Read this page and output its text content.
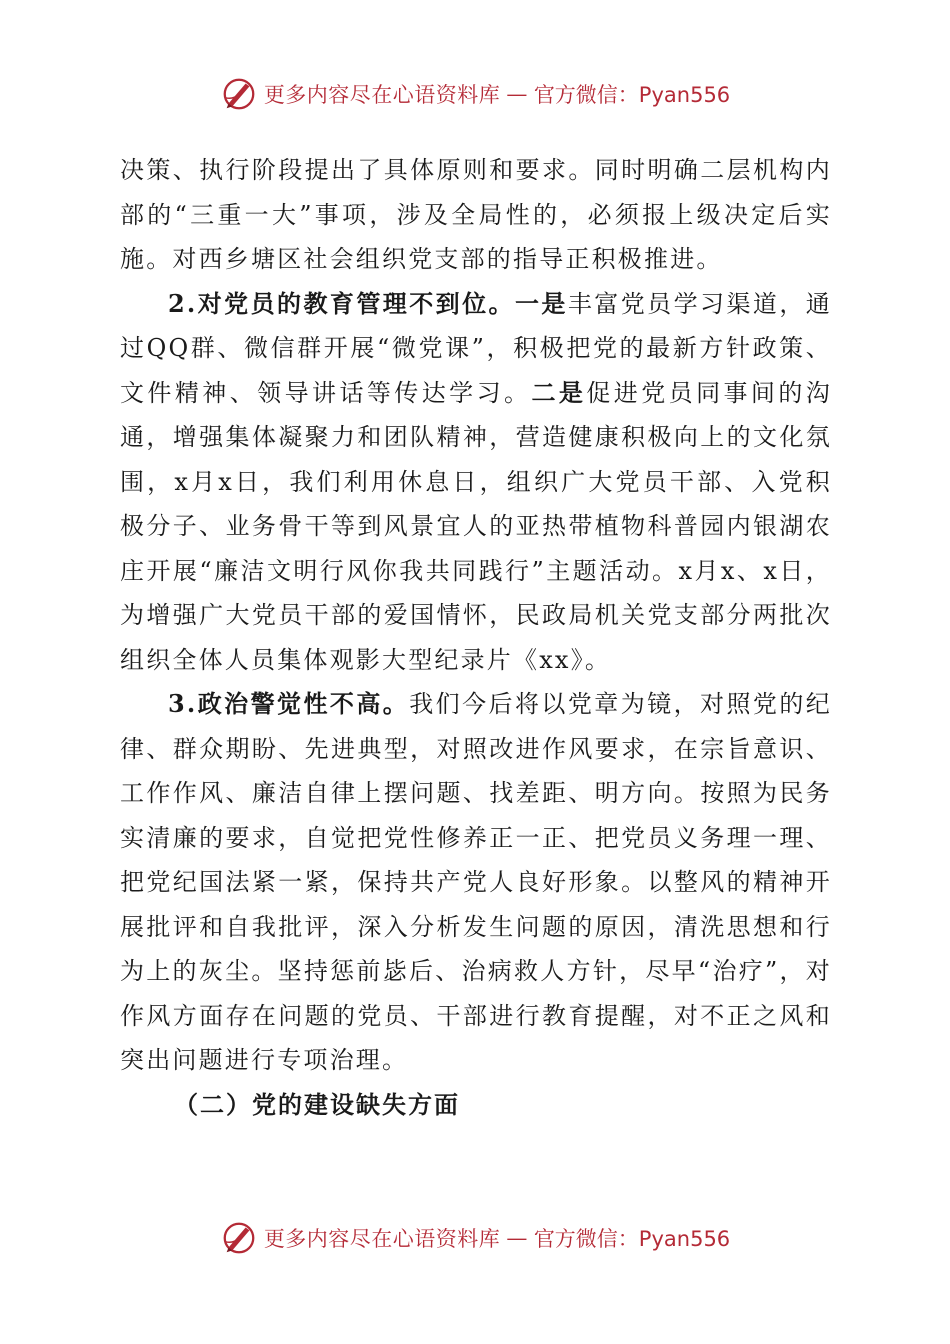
更多内容尽在心语资料库 — 官方微信：Pyan556

决策、执行阶段提出了具体原则和要求。同时明确二层机构内部的“三重一大”事项，涉及全局性的，必须报上级决定后实施。对西乡塘区社会组织党支部的指导正积极推进。

2.对党员的教育管理不到位。一是丰富党员学习渠道，通过QQ群、微信群开展“微党课”，积极把党的最新方针政策、文件精神、领导讲话等传达学习。二是促进党员同事间的沟通，增强集体凝聚力和团队精神，营造健康积极向上的文化氛围，x月x日，我们利用休息日，组织广大党员干部、入党积极分子、业务骨干等到风景宜人的亚热带植物科普园内银湖农庄开展“廉洁文明行风你我共同践行”主题活动。x月x、x日，为增强广大党员干部的爱国情怀，民政局机关党支部分两批次组织全体人员集体观影大型纪录片《xx》。

3.政治警觉性不高。我们今后将以党章为镜，对照党的纪律、群众期盼、先进典型，对照改进作风要求，在宗旨意识、工作作风、廉洁自律上摆问题、找差距、明方向。按照为民务实清廉的要求，自觉把党性修养正一正、把党员义务理一理、把党纪国法紧一紧，保持共产党人良好形象。以整风的精神开展批评和自我批评，深入分析发生问题的原因，清洗思想和行为上的灰尘。坚持惩前毖后、治病救人方针，尽早“治疗”，对作风方面存在问题的党员、干部进行教育提醒，对不正之风和突出问题进行专项治理。

（二）党的建设缺失方面

更多内容尽在心语资料库 — 官方微信：Pyan556
